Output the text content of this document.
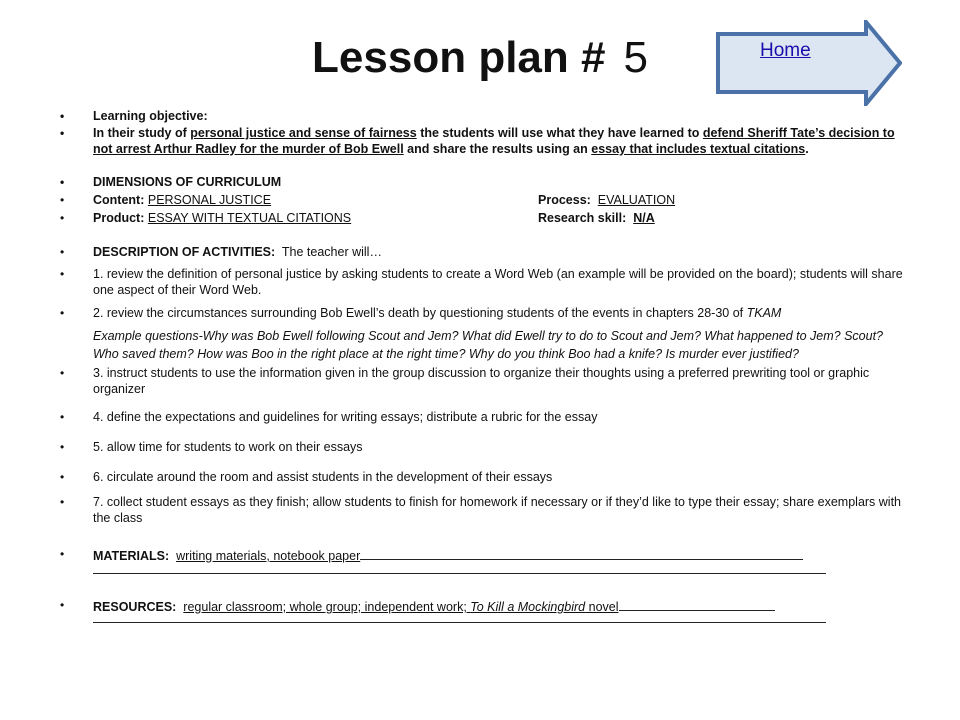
Lesson plan # 5	Home
• Learning objective:
• In their study of personal justice and sense of fairness the students will use what they have learned to defend Sheriff Tate’s decision to not arrest Arthur Radley for the murder of Bob Ewell and share the results using an essay that includes textual citations.
• DIMENSIONS OF CURRICULUM
• Content: PERSONAL JUSTICE	Process: EVALUATION
• Product: ESSAY WITH TEXTUAL CITATIONS	Research skill: N/A
• DESCRIPTION OF ACTIVITIES: The teacher will…
• 1. review the definition of personal justice by asking students to create a Word Web (an example will be provided on the board); students will share one aspect of their Word Web.
• 2. review the circumstances surrounding Bob Ewell’s death by questioning students of the events in chapters 28-30 of TKAM
Example questions-Why was Bob Ewell following Scout and Jem? What did Ewell try to do to Scout and Jem? What happened to Jem? Scout? Who saved them? How was Boo in the right place at the right time? Why do you think Boo had a knife? Is murder ever justified?
• 3. instruct students to use the information given in the group discussion to organize their thoughts using a preferred prewriting tool or graphic organizer
• 4. define the expectations and guidelines for writing essays; distribute a rubric for the essay
• 5. allow time for students to work on their essays
• 6. circulate around the room and assist students in the development of their essays
• 7. collect student essays as they finish; allow students to finish for homework if necessary or if they’d like to type their essay; share exemplars with the class
• MATERIALS: writing materials, notebook paper
• RESOURCES: regular classroom; whole group; independent work; To Kill a Mockingbird novel
